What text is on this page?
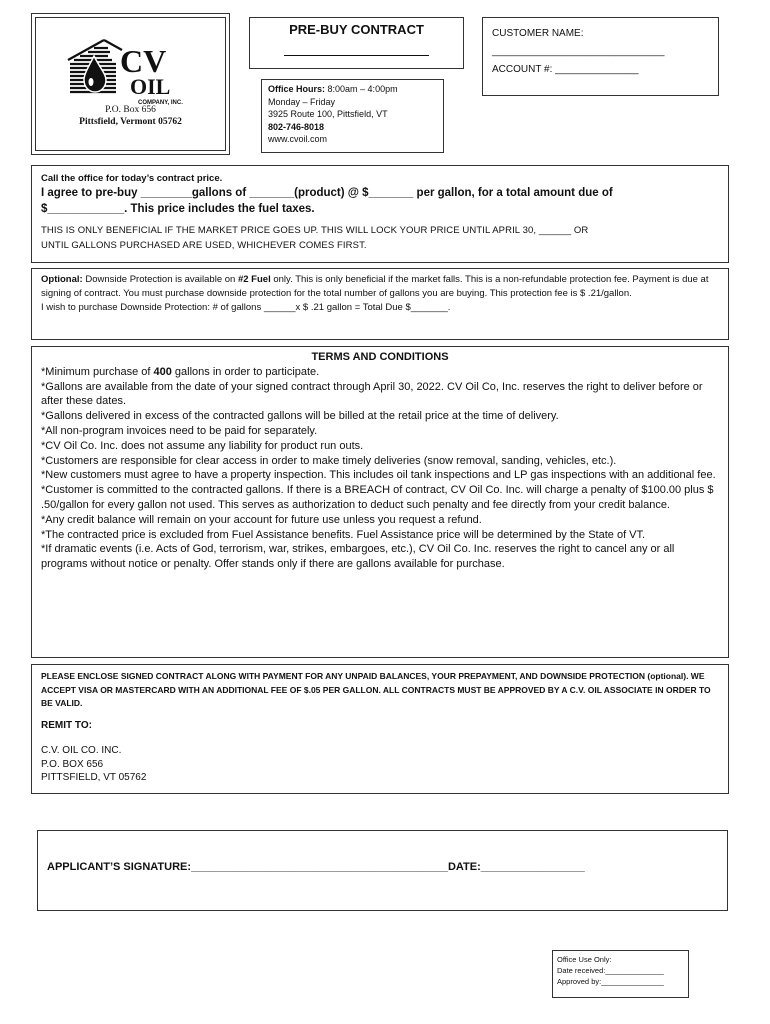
CV
OIL
COMPANY, INC.
P.O. Box 656
Pittsfield, Vermont 05762
PRE-BUY CONTRACT
Office Hours: 8:00am – 4:00pm
Monday – Friday
3925 Route 100, Pittsfield, VT
802-746-8018
www.cvoil.com
CUSTOMER NAME:
_______________________________
ACCOUNT #: _______________
Call the office for today’s contract price.
I agree to pre-buy ________gallons of _______(product) @ $_______ per gallon, for a total amount due of
$____________. This price includes the fuel taxes.
THIS IS ONLY BENEFICIAL IF THE MARKET PRICE GOES UP. THIS WILL LOCK YOUR PRICE UNTIL APRIL 30, ______ OR
UNTIL GALLONS PURCHASED ARE USED, WHICHEVER COMES FIRST.
Optional: Downside Protection is available on #2 Fuel only. This is only beneficial if the market falls. This is a non-refundable protection fee. Payment is due at signing of contract. You must purchase downside protection for the total number of gallons you are buying. This protection fee is $ .21/gallon.
I wish to purchase Downside Protection: # of gallons ______x $ .21 gallon = Total Due $_______.
TERMS AND CONDITIONS

*Minimum purchase of 400 gallons in order to participate.

*Gallons are available from the date of your signed contract through April 30, 2022. CV Oil Co, Inc. reserves the right to deliver before or after these dates.

*Gallons delivered in excess of the contracted gallons will be billed at the retail price at the time of delivery.

*All non-program invoices need to be paid for separately.

*CV Oil Co. Inc. does not assume any liability for product run outs.

*Customers are responsible for clear access in order to make timely deliveries (snow removal, sanding, vehicles, etc.).

*New customers must agree to have a property inspection. This includes oil tank inspections and LP gas inspections with an additional fee.

*Customer is committed to the contracted gallons. If there is a BREACH of contract, CV Oil Co. Inc. will charge a penalty of $100.00 plus $ .50/gallon for every gallon not used. This serves as authorization to deduct such penalty and fee directly from your credit balance.

*Any credit balance will remain on your account for future use unless you request a refund.

*The contracted price is excluded from Fuel Assistance benefits. Fuel Assistance price will be determined by the State of VT.

*If dramatic events (i.e. Acts of God, terrorism, war, strikes, embargoes, etc.), CV Oil Co. Inc. reserves the right to cancel any or all programs without notice or penalty. Offer stands only if there are gallons available for purchase.

PLEASE ENCLOSE SIGNED CONTRACT ALONG WITH PAYMENT FOR ANY UNPAID BALANCES, YOUR PREPAYMENT, AND DOWNSIDE PROTECTION (optional). WE ACCEPT VISA OR MASTERCARD WITH AN ADDITIONAL FEE OF $.05 PER GALLON. ALL CONTRACTS MUST BE APPROVED BY A C.V. OIL ASSOCIATE IN ORDER TO BE VALID.
REMIT TO:
C.V. OIL CO. INC.
P.O. BOX 656
PITTSFIELD, VT 05762
APPLICANT’S SIGNATURE:__________________________________________DATE:_________________
Office Use Only:
Date received:______________
Approved by:_______________
